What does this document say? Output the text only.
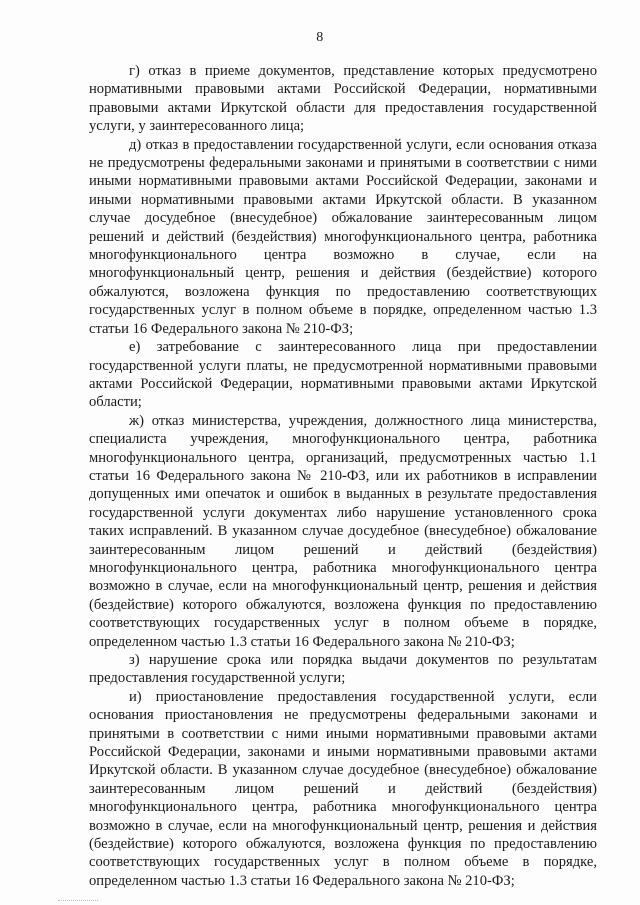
8

г) отказ в приеме документов, представление которых предусмотрено нормативными правовыми актами Российской Федерации, нормативными правовыми актами Иркутской области для предоставления государственной услуги, у заинтересованного лица;

д) отказ в предоставлении государственной услуги, если основания отказа не предусмотрены федеральными законами и принятыми в соответствии с ними иными нормативными правовыми актами Российской Федерации, законами и иными нормативными правовыми актами Иркутской области. В указанном случае досудебное (внесудебное) обжалование заинтересованным лицом решений и действий (бездействия) многофункционального центра, работника многофункционального центра возможно в случае, если на многофункциональный центр, решения и действия (бездействие) которого обжалуются, возложена функция по предоставлению соответствующих государственных услуг в полном объеме в порядке, определенном частью 1.3 статьи 16 Федерального закона № 210-ФЗ;

е) затребование с заинтересованного лица при предоставлении государственной услуги платы, не предусмотренной нормативными правовыми актами Российской Федерации, нормативными правовыми актами Иркутской области;

ж) отказ министерства, учреждения, должностного лица министерства, специалиста учреждения, многофункционального центра, работника многофункционального центра, организаций, предусмотренных частью 1.1 статьи 16 Федерального закона № 210-ФЗ, или их работников в исправлении допущенных ими опечаток и ошибок в выданных в результате предоставления государственной услуги документах либо нарушение установленного срока таких исправлений. В указанном случае досудебное (внесудебное) обжалование заинтересованным лицом решений и действий (бездействия) многофункционального центра, работника многофункционального центра возможно в случае, если на многофункциональный центр, решения и действия (бездействие) которого обжалуются, возложена функция по предоставлению соответствующих государственных услуг в полном объеме в порядке, определенном частью 1.3 статьи 16 Федерального закона № 210-ФЗ;

з) нарушение срока или порядка выдачи документов по результатам предоставления государственной услуги;

и) приостановление предоставления государственной услуги, если основания приостановления не предусмотрены федеральными законами и принятыми в соответствии с ними иными нормативными правовыми актами Российской Федерации, законами и иными нормативными правовыми актами Иркутской области. В указанном случае досудебное (внесудебное) обжалование заинтересованным лицом решений и действий (бездействия) многофункционального центра, работника многофункционального центра возможно в случае, если на многофункциональный центр, решения и действия (бездействие) которого обжалуются, возложена функция по предоставлению соответствующих государственных услуг в полном объеме в порядке, определенном частью 1.3 статьи 16 Федерального закона № 210-ФЗ;
